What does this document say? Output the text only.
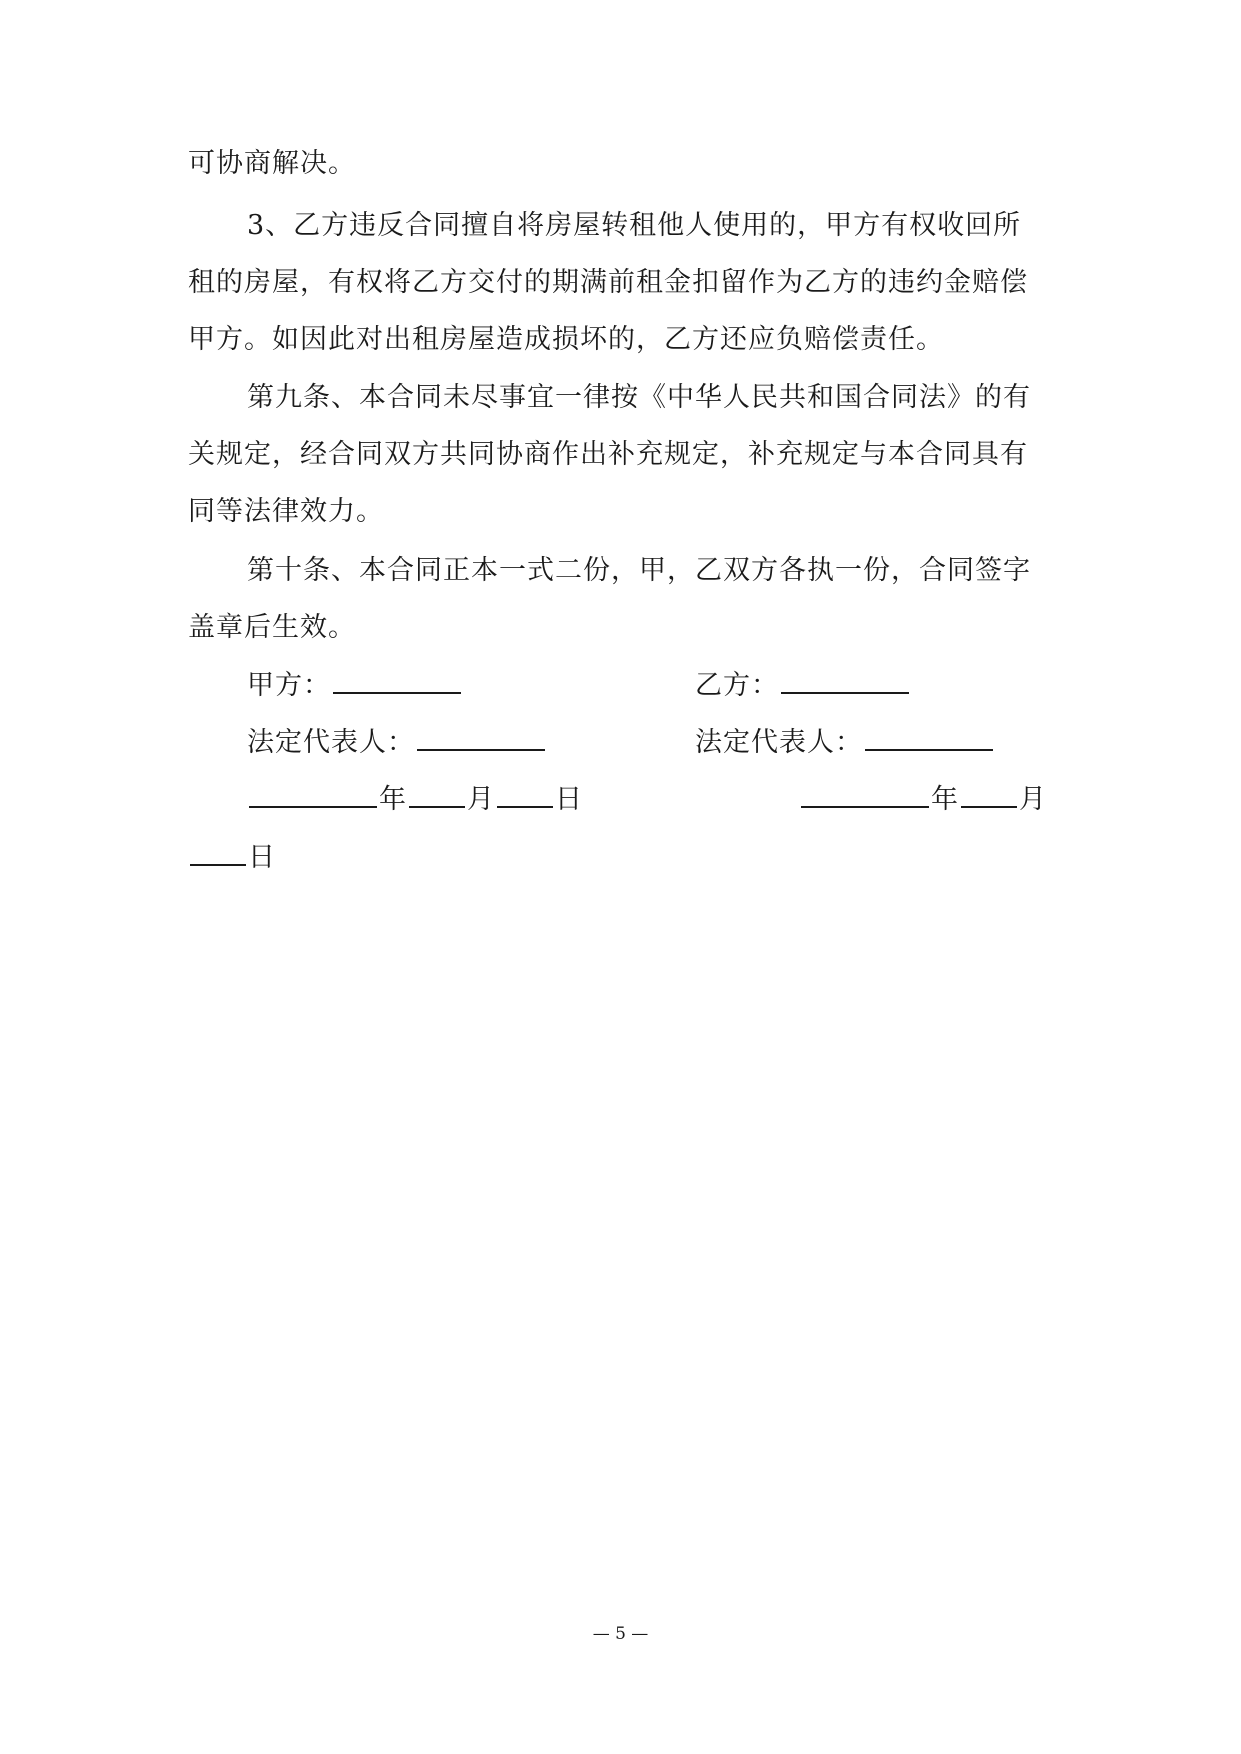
可协商解决。
3、乙方违反合同擅自将房屋转租他人使用的，甲方有权收回所
租的房屋，有权将乙方交付的期满前租金扣留作为乙方的违约金赔偿
甲方。如因此对出租房屋造成损坏的，乙方还应负赔偿责任。
第九条、本合同未尽事宜一律按《中华人民共和国合同法》的有
关规定，经合同双方共同协商作出补充规定，补充规定与本合同具有
同等法律效力。
第十条、本合同正本一式二份，甲，乙双方各执一份，合同签字
盖章后生效。
甲方：	乙方：
法定代表人：	法定代表人：
年 月 日	年 月
日
— 5 —
